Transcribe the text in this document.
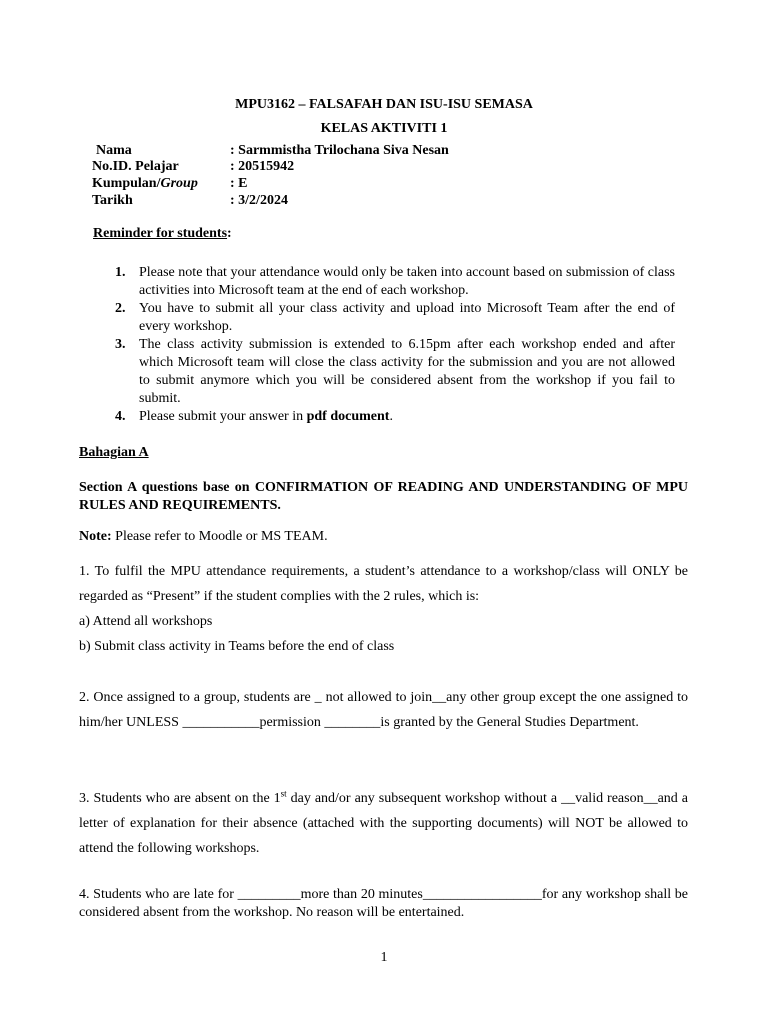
MPU3162 – FALSAFAH DAN ISU-ISU SEMASA
KELAS AKTIVITI 1
Nama	: Sarmmistha Trilochana Siva Nesan
No.ID. Pelajar	: 20515942
Kumpulan/Group : E
Tarikh	: 3/2/2024
Reminder for students:
1. Please note that your attendance would only be taken into account based on submission of class activities into Microsoft team at the end of each workshop.
2. You have to submit all your class activity and upload into Microsoft Team after the end of every workshop.
3. The class activity submission is extended to 6.15pm after each workshop ended and after which Microsoft team will close the class activity for the submission and you are not allowed to submit anymore which you will be considered absent from the workshop if you fail to submit.
4. Please submit your answer in pdf document.
Bahagian A
Section A questions base on CONFIRMATION OF READING AND UNDERSTANDING OF MPU RULES AND REQUIREMENTS.
Note: Please refer to Moodle or MS TEAM.

1. To fulfil the MPU attendance requirements, a student’s attendance to a workshop/class will ONLY be regarded as “Present” if the student complies with the 2 rules, which is:

a) Attend all workshops

b) Submit class activity in Teams before the end of class

2. Once assigned to a group, students are _ not allowed to join__any other group except the one assigned to him/her UNLESS ___________permission ________is granted by the General Studies Department.

3. Students who are absent on the 1st day and/or any subsequent workshop without a __valid reason__and a letter of explanation for their absence (attached with the supporting documents) will NOT be allowed to attend the following workshops.

4. Students who are late for _________more than 20 minutes_________________for any workshop shall be considered absent from the workshop. No reason will be entertained.

1
